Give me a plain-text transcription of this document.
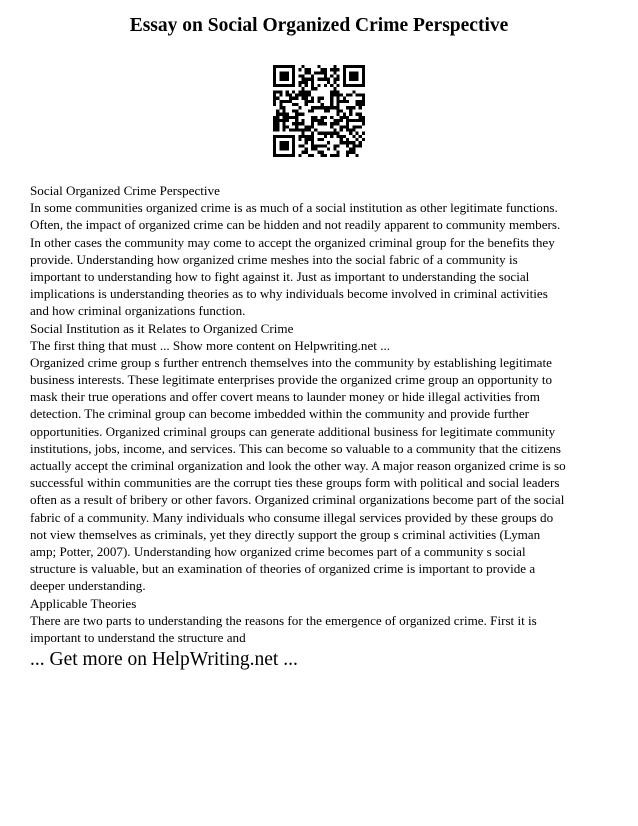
Essay on Social Organized Crime Perspective
Social Organized Crime Perspective
In some communities organized crime is as much of a social institution as other legitimate functions.
Often, the impact of organized crime can be hidden and not readily apparent to community members.
In other cases the community may come to accept the organized criminal group for the benefits they
provide. Understanding how organized crime meshes into the social fabric of a community is
important to understanding how to fight against it. Just as important to understanding the social
implications is understanding theories as to why individuals become involved in criminal activities
and how criminal organizations function.
Social Institution as it Relates to Organized Crime
The first thing that must ... Show more content on Helpwriting.net ...
Organized crime group s further entrench themselves into the community by establishing legitimate
business interests. These legitimate enterprises provide the organized crime group an opportunity to
mask their true operations and offer covert means to launder money or hide illegal activities from
detection. The criminal group can become imbedded within the community and provide further
opportunities. Organized criminal groups can generate additional business for legitimate community
institutions, jobs, income, and services. This can become so valuable to a community that the citizens
actually accept the criminal organization and look the other way. A major reason organized crime is so
successful within communities are the corrupt ties these groups form with political and social leaders
often as a result of bribery or other favors. Organized criminal organizations become part of the social
fabric of a community. Many individuals who consume illegal services provided by these groups do
not view themselves as criminals, yet they directly support the group s criminal activities (Lyman
amp; Potter, 2007). Understanding how organized crime becomes part of a community s social
structure is valuable, but an examination of theories of organized crime is important to provide a
deeper understanding.
Applicable Theories
There are two parts to understanding the reasons for the emergence of organized crime. First it is
important to understand the structure and
... Get more on HelpWriting.net ...
